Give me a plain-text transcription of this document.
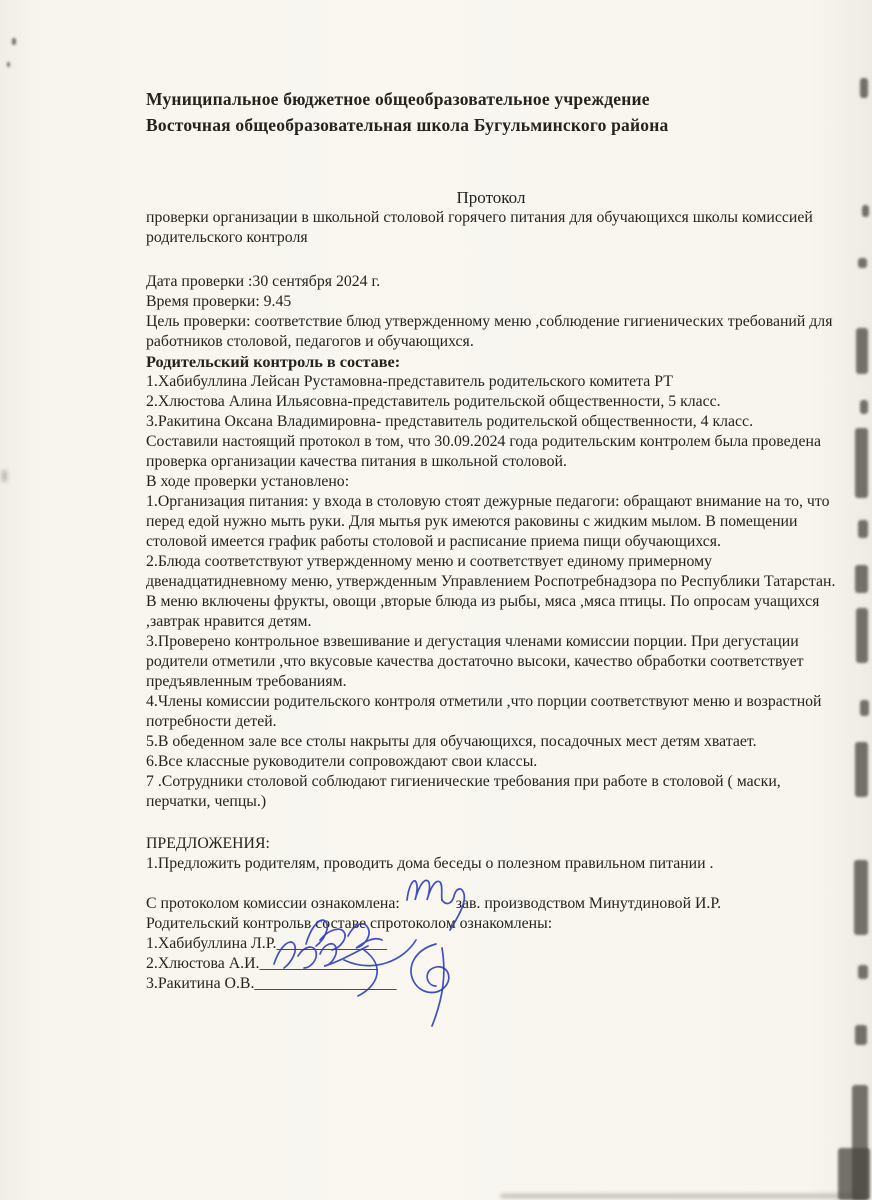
Муниципальное бюджетное общеобразовательное учреждение

Восточная общеобразовательная школа Бугульминского района

Протокол

проверки организации в школьной столовой горячего питания для обучающихся школы комиссией родительского контроля

Дата проверки :30 сентября 2024 г.

Время проверки: 9.45

Цель проверки: соответствие блюд утвержденному меню ,соблюдение гигиенических требований для работников столовой, педагогов и обучающихся.

Родительский контроль в составе:

1.Хабибуллина Лейсан Рустамовна-представитель родительского комитета РТ

2.Хлюстова Алина Ильясовна-представитель родительской общественности, 5 класс.

3.Ракитина Оксана Владимировна- представитель родительской общественности, 4 класс.

Составили настоящий протокол в том, что 30.09.2024 года родительским контролем была проведена проверка организации качества питания в школьной столовой.

В ходе проверки установлено:

1.Организация питания: у входа в столовую стоят дежурные педагоги: обращают внимание на то, что перед едой нужно мыть руки. Для мытья рук имеются раковины с жидким мылом. В помещении столовой имеется график работы столовой и расписание приема пищи обучающихся.

2.Блюда соответствуют утвержденному меню и соответствует единому примерному двенадцатидневному меню, утвержденным Управлением Роспотребнадзора по Республики Татарстан. В меню включены фрукты, овощи ,вторые блюда из рыбы, мяса ,мяса птицы. По опросам учащихся ,завтрак нравится детям.

3.Проверено контрольное взвешивание и дегустация членами комиссии порции. При дегустации родители отметили ,что вкусовые качества достаточно высоки, качество обработки соответствует предъявленным требованиям.

4.Члены комиссии родительского контроля отметили ,что порции соответствуют меню и возрастной потребности детей.

5.В обеденном зале все столы накрыты для обучающихся, посадочных мест детям хватает.

6.Все классные руководители сопровождают свои классы.

7 .Сотрудники столовой соблюдают гигиенические требования при работе в столовой ( маски, перчатки, чепцы.)

ПРЕДЛОЖЕНИЯ:

1.Предложить родителям, проводить дома беседы о полезном правильном питании .

С протоколом комиссии ознакомлена:	зав. производством Минутдиновой И.Р.

Родительский контрольв составе спротоколом ознакомлены:

1.Хабибуллина Л.Р.______________

2.Хлюстова А.И._______________

3.Ракитина О.В.__________________
